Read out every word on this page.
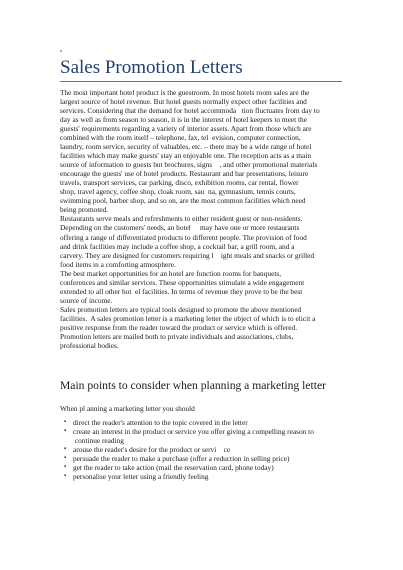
Sales Promotion Letters
The most important hotel product is the guestroom. In most hotels room sales are the
largest source of hotel revenue. But hotel guests normally expect other facilities and
services. Considering that the demand for hotel accommoda   tion fluctuates from day to
day as well as from season to season, it is in the interest of hotel keepers to meet the
guests' requirements regarding a variety of interior assets. Apart from those which are
combined with the room itself – telephone, fax, tel  evision, computer connection,
laundry, room service, security of valuables, etc. – there may be a wide range of hotel
facilities which may make guests' stay an enjoyable one. The reception acts as a main
source of information to guests but brochures, signs    , and other promotional materials
encourage the guests' use of hotel products. Restaurant and bar presentations, leisure
travels, transport services, car parking, disco, exhibition rooms, car rental, flower
shop, travel agency, coffee shop, cloak room, sau  na, gymnasium, tennis courts,
swimming pool, barber shop, and so on, are the most common facilities which need
being promoted.
Restaurants serve meals and refreshments to either resident guest or non-residents.
Depending on the customers' needs, an hotel     may have one or more restaurants
offering a range of differentiated products to different people. The provision of food
and drink facilities may include a coffee shop, a cocktail bar, a grill room, and a
carvery. They are designed for customers requiring l    ight meals and snacks or grilled
food items in a comforting atmosphere.
The best market opportunities for an hotel are function rooms for banquets,
conferences and similar services. These opportunities stimulate a wide engagement
extended to all other hot  el facilities. In terms of revenue they prove to be the best
source of income.
Sales promotion letters are typical tools designed to promote the above mentioned
facilities.  A sales promotion letter is a marketing letter the object of which is to elicit a
positive response from the reader toward the product or service which is offered.
Promotion letters are mailed both to private individuals and associations, clubs,
professional bodies.
Main points to consider when planning a marketing letter
When pl anning a marketing letter you should
▪ direct the reader's attention to the topic covered in the letter
▪ create an interest in the product or service you offer giving a compelling reason to
continue reading
▪ arouse the reader's desire for the product or servi    ce
▪ persuade the reader to make a purchase (offer a reduction in selling price)
▪ get the reader to take action (mail the reservation card, phone today)
▪ personalise your letter using a friendly feeling
